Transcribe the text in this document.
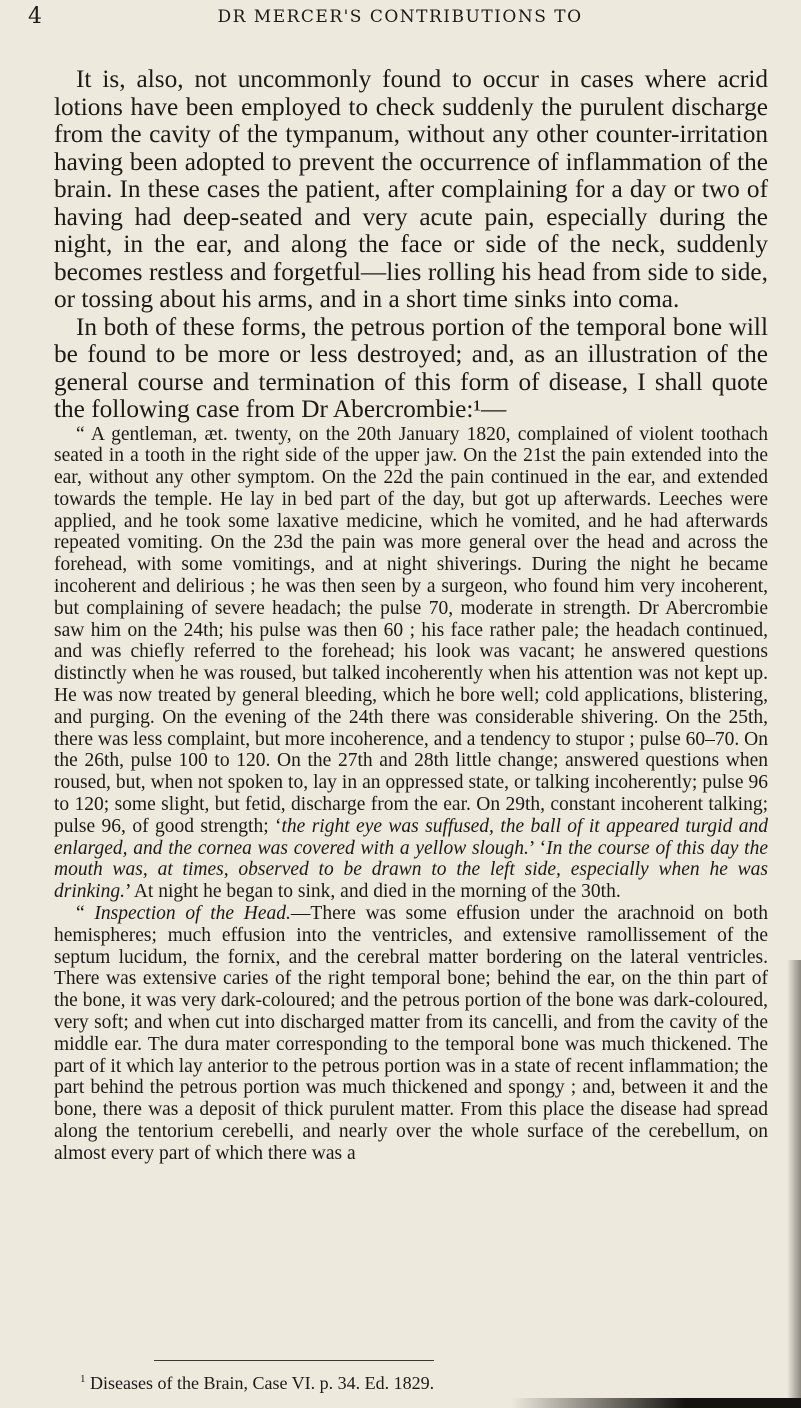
4	DR MERCER'S CONTRIBUTIONS TO

It is, also, not uncommonly found to occur in cases where acrid lotions have been employed to check suddenly the purulent discharge from the cavity of the tympanum, without any other counter-irritation having been adopted to prevent the occurrence of inflammation of the brain. In these cases the patient, after complaining for a day or two of having had deep-seated and very acute pain, especially during the night, in the ear, and along the face or side of the neck, suddenly becomes restless and forgetful—lies rolling his head from side to side, or tossing about his arms, and in a short time sinks into coma.

In both of these forms, the petrous portion of the temporal bone will be found to be more or less destroyed; and, as an illustration of the general course and termination of this form of disease, I shall quote the following case from Dr Abercrombie:¹—

“ A gentleman, æt. twenty, on the 20th January 1820, complained of violent toothach seated in a tooth in the right side of the upper jaw. On the 21st the pain extended into the ear, without any other symptom. On the 22d the pain continued in the ear, and extended towards the temple. He lay in bed part of the day, but got up afterwards. Leeches were applied, and he took some laxative medicine, which he vomited, and he had afterwards repeated vomiting. On the 23d the pain was more general over the head and across the forehead, with some vomitings, and at night shiverings. During the night he became incoherent and delirious ; he was then seen by a surgeon, who found him very incoherent, but complaining of severe headach; the pulse 70, moderate in strength. Dr Abercrombie saw him on the 24th; his pulse was then 60 ; his face rather pale; the headach continued, and was chiefly referred to the forehead; his look was vacant; he answered questions distinctly when he was roused, but talked incoherently when his attention was not kept up. He was now treated by general bleeding, which he bore well; cold applications, blistering, and purging. On the evening of the 24th there was considerable shivering. On the 25th, there was less complaint, but more incoherence, and a tendency to stupor ; pulse 60–70. On the 26th, pulse 100 to 120. On the 27th and 28th little change; answered questions when roused, but, when not spoken to, lay in an oppressed state, or talking incoherently; pulse 96 to 120; some slight, but fetid, discharge from the ear. On 29th, constant incoherent talking; pulse 96, of good strength; ‘the right eye was suffused, the ball of it appeared turgid and enlarged, and the cornea was covered with a yellow slough.’ ‘In the course of this day the mouth was, at times, observed to be drawn to the left side, especially when he was drinking.’ At night he began to sink, and died in the morning of the 30th.

“ Inspection of the Head.—There was some effusion under the arachnoid on both hemispheres; much effusion into the ventricles, and extensive ramollissement of the septum lucidum, the fornix, and the cerebral matter bordering on the lateral ventricles. There was extensive caries of the right temporal bone; behind the ear, on the thin part of the bone, it was very dark-coloured; and the petrous portion of the bone was dark-coloured, very soft; and when cut into discharged matter from its cancelli, and from the cavity of the middle ear. The dura mater corresponding to the temporal bone was much thickened. The part of it which lay anterior to the petrous portion was in a state of recent inflammation; the part behind the petrous portion was much thickened and spongy ; and, between it and the bone, there was a deposit of thick purulent matter. From this place the disease had spread along the tentorium cerebelli, and nearly over the whole surface of the cerebellum, on almost every part of which there was a

$^1$ Diseases of the Brain, Case VI. p. 34. Ed. 1829.
